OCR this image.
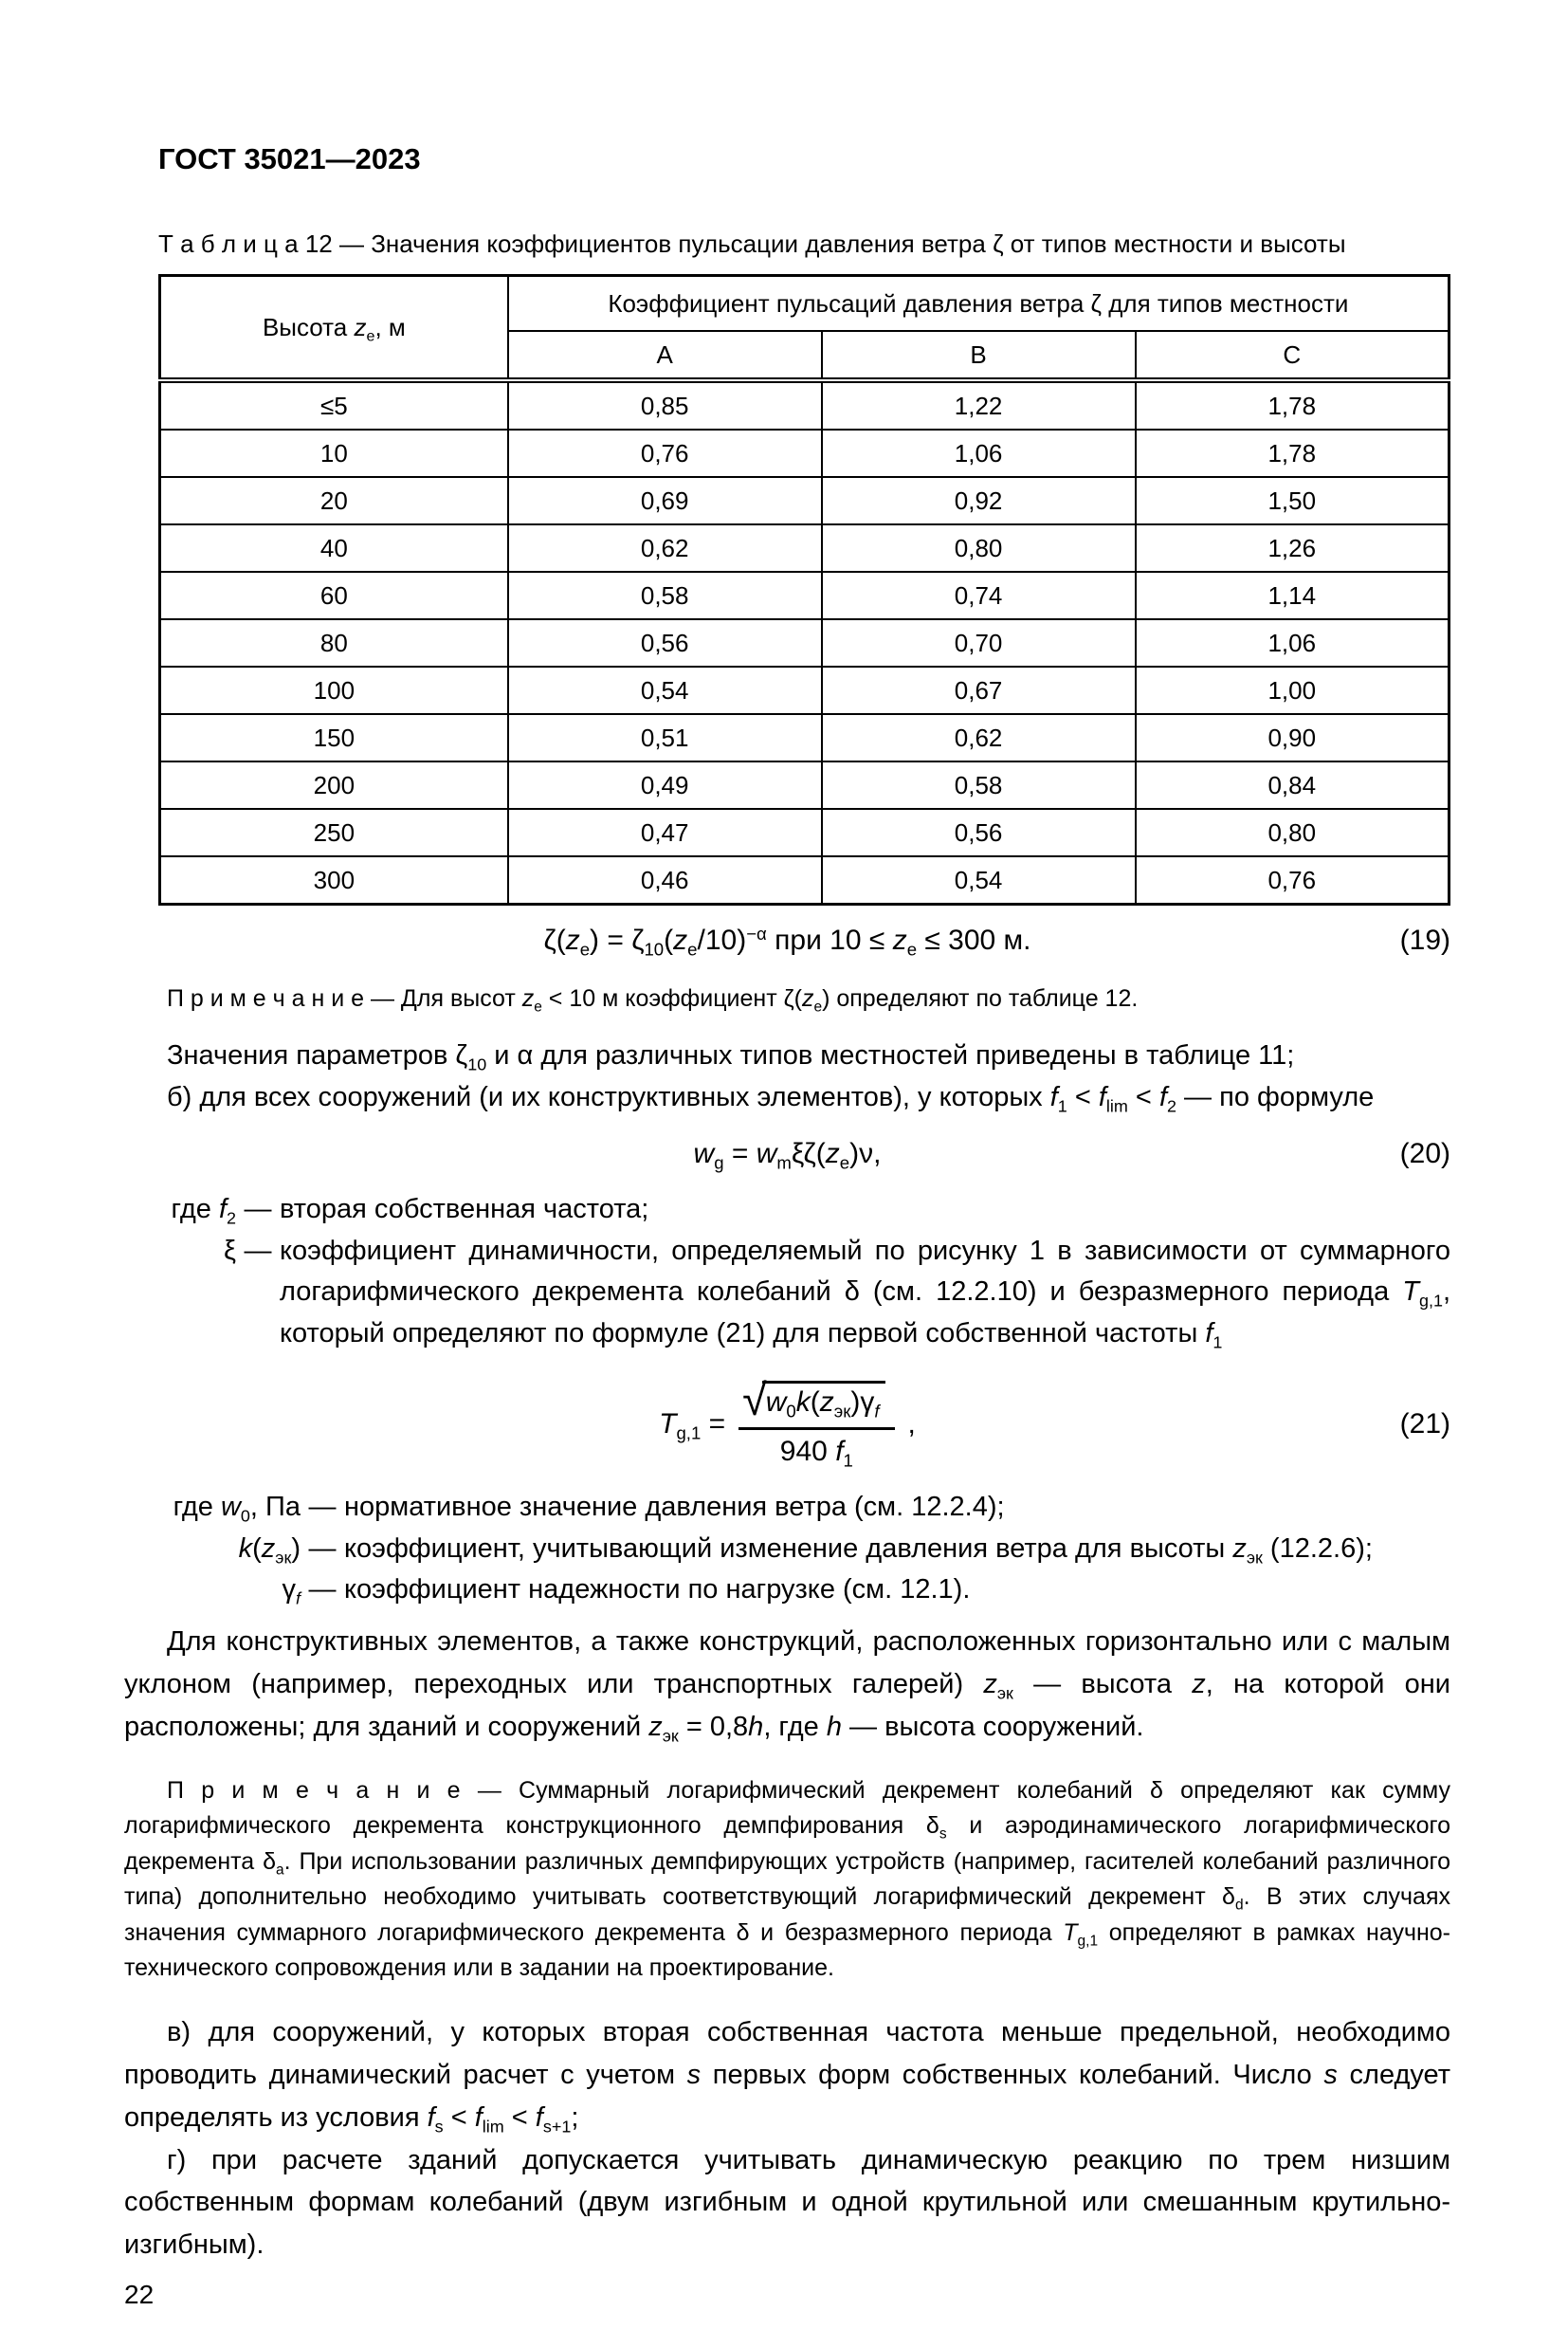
ГОСТ 35021—2023
Т а б л и ц а 12 — Значения коэффициентов пульсации давления ветра ζ от типов местности и высоты
Высота $z_e$, м	Коэффициент пульсаций давления ветра ζ для типов местности		
	А	В	С
≤5	0,85	1,22	1,78
10	0,76	1,06	1,78
20	0,69	0,92	1,50
40	0,62	0,80	1,26
60	0,58	0,74	1,14
80	0,56	0,70	1,06
100	0,54	0,67	1,00
150	0,51	0,62	0,90
200	0,49	0,58	0,84
250	0,47	0,56	0,80
300	0,46	0,54	0,76
$\zeta(z_e) = \zeta_{10}(z_e/10)^{-\alpha}$ при $10 \le z_e \le 300$ м.	(19)
П р и м е ч а н и е — Для высот $z_e < 10$ м коэффициент $\zeta(z_e)$ определяют по таблице 12.
Значения параметров $\zeta_{10}$ и α для различных типов местностей приведены в таблице 11;
б) для всех сооружений (и их конструктивных элементов), у которых $f_1 < f_{lim} < f_2$ — по формуле
$w_g = w_m\xi\zeta(z_e)\nu$,	(20)
где $f_2$ — вторая собственная частота;
ξ — коэффициент динамичности, определяемый по рисунку 1 в зависимости от суммарного логарифмического декремента колебаний δ (см. 12.2.10) и безразмерного периода $T_{g,1}$, который определяют по формуле (21) для первой собственной частоты $f_1$
$T_{g,1} = \frac{√ w_0k(z_{эк})\gamma_f}{940 f_1}$ ,	(21)
где $w_0$, Па — нормативное значение давления ветра (см. 12.2.4);
$k(z_{эк})$ — коэффициент, учитывающий изменение давления ветра для высоты $z_{эк}$ (12.2.6);
$\gamma_f$ — коэффициент надежности по нагрузке (см. 12.1).
Для конструктивных элементов, а также конструкций, расположенных горизонтально или с малым уклоном (например, переходных или транспортных галерей) $z_{эк}$ — высота z, на которой они расположены; для зданий и сооружений $z_{эк} = 0,8h$, где h — высота сооружений.
П р и м е ч а н и е — Суммарный логарифмический декремент колебаний δ определяют как сумму логарифмического декремента конструкционного демпфирования $\delta_s$ и аэродинамического логарифмического декремента $\delta_a$. При использовании различных демпфирующих устройств (например, гасителей колебаний различного типа) дополнительно необходимо учитывать соответствующий логарифмический декремент $\delta_d$. В этих случаях значения суммарного логарифмического декремента δ и безразмерного периода $T_{g,1}$ определяют в рамках научно-технического сопровождения или в задании на проектирование.
в) для сооружений, у которых вторая собственная частота меньше предельной, необходимо проводить динамический расчет с учетом s первых форм собственных колебаний. Число s следует определять из условия $f_s < f_{lim} < f_{s+1}$;
г) при расчете зданий допускается учитывать динамическую реакцию по трем низшим собственным формам колебаний (двум изгибным и одной крутильной или смешанным крутильно-изгибным).
22
